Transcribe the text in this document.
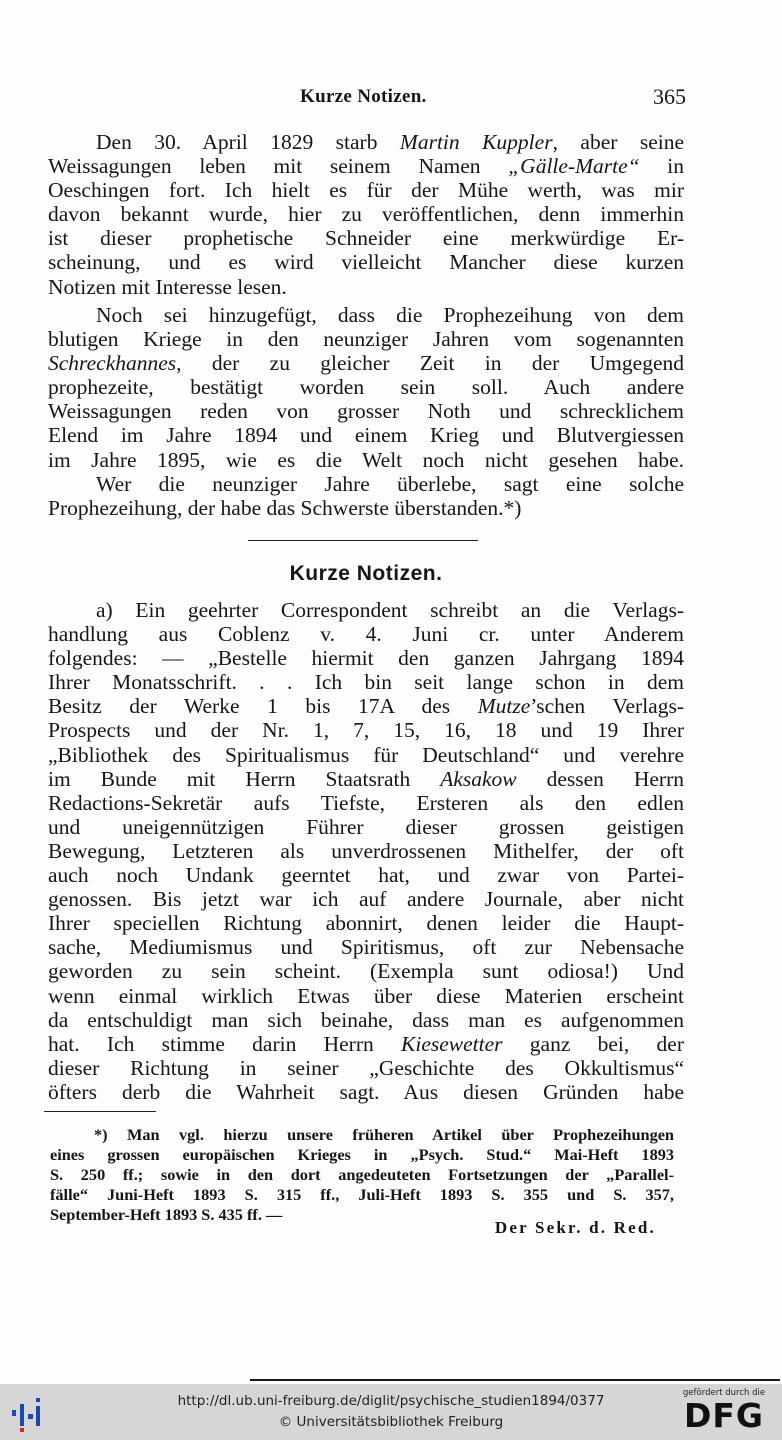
Kurze Notizen.	365
Den 30. April 1829 starb Martin Kuppler, aber seine
Weissagungen leben mit seinem Namen „Gälle-Marte“ in
Oeschingen fort. Ich hielt es für der Mühe werth, was mir
davon bekannt wurde, hier zu veröffentlichen, denn immerhin
ist dieser prophetische Schneider eine merkwürdige Er-
scheinung, und es wird vielleicht Mancher diese kurzen
Notizen mit Interesse lesen.
Noch sei hinzugefügt, dass die Prophezeihung von dem
blutigen Kriege in den neunziger Jahren vom sogenannten
Schreckhannes, der zu gleicher Zeit in der Umgegend
prophezeite, bestätigt worden sein soll. Auch andere
Weissagungen reden von grosser Noth und schrecklichem
Elend im Jahre 1894 und einem Krieg und Blutvergiessen
im Jahre 1895, wie es die Welt noch nicht gesehen habe.
Wer die neunziger Jahre überlebe, sagt eine solche
Prophezeihung, der habe das Schwerste überstanden.*)
Kurze Notizen.
a) Ein geehrter Correspondent schreibt an die Verlags-
handlung aus Coblenz v. 4. Juni cr. unter Anderem
folgendes: — „Bestelle hiermit den ganzen Jahrgang 1894
Ihrer Monatsschrift. . . Ich bin seit lange schon in dem
Besitz der Werke 1 bis 17A des Mutze’schen Verlags-
Prospects und der Nr. 1, 7, 15, 16, 18 und 19 Ihrer
„Bibliothek des Spiritualismus für Deutschland“ und verehre
im Bunde mit Herrn Staatsrath Aksakow dessen Herrn
Redactions-Sekretär aufs Tiefste, Ersteren als den edlen
und uneigennützigen Führer dieser grossen geistigen
Bewegung, Letzteren als unverdrossenen Mithelfer, der oft
auch noch Undank geerntet hat, und zwar von Partei-
genossen. Bis jetzt war ich auf andere Journale, aber nicht
Ihrer speciellen Richtung abonnirt, denen leider die Haupt-
sache, Mediumismus und Spiritismus, oft zur Nebensache
geworden zu sein scheint. (Exempla sunt odiosa!) Und
wenn einmal wirklich Etwas über diese Materien erscheint
da entschuldigt man sich beinahe, dass man es aufgenommen
hat. Ich stimme darin Herrn Kiesewetter ganz bei, der
dieser Richtung in seiner „Geschichte des Okkultismus“
öfters derb die Wahrheit sagt. Aus diesen Gründen habe
*) Man vgl. hierzu unsere früheren Artikel über Prophezeihungen
eines grossen europäischen Krieges in „Psych. Stud.“ Mai-Heft 1893
S. 250 ff.; sowie in den dort angedeuteten Fortsetzungen der „Parallel-
fälle“ Juni-Heft 1893 S. 315 ff., Juli-Heft 1893 S. 355 und S. 357,
September-Heft 1893 S. 435 ff. —
Der Sekr. d. Red.
http://dl.ub.uni-freiburg.de/diglit/psychische_studien1894/0377
© Universitätsbibliothek Freiburg
gefördert durch die
DFG
